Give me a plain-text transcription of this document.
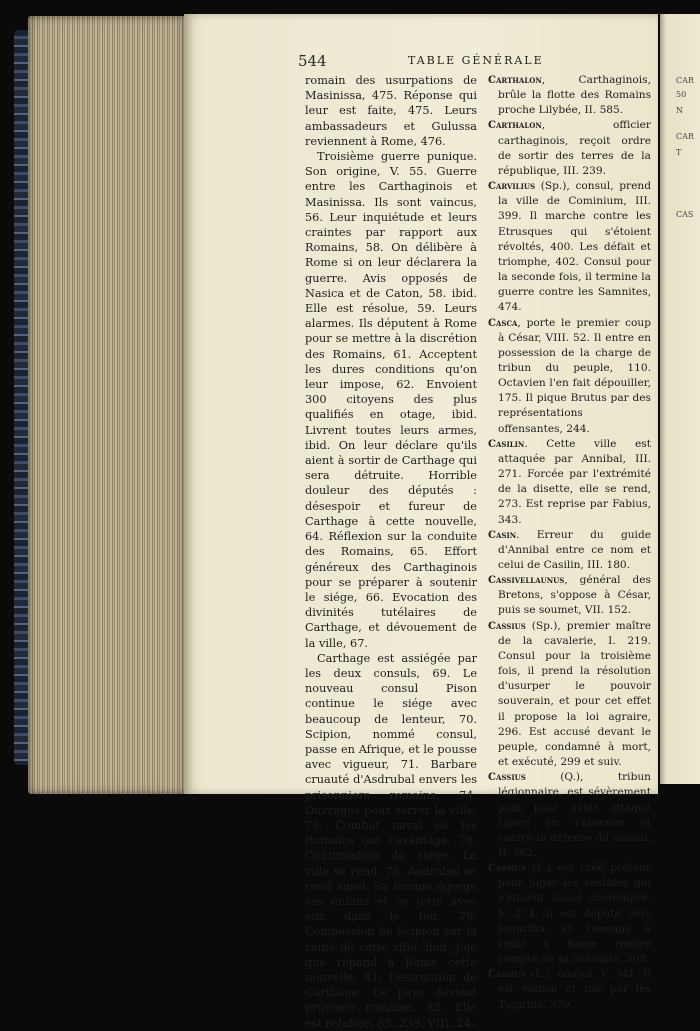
CAR
50
N
CAR
T
CAS
544	TABLE GÉNÉRALE

romain des usurpations de Masinissa, 475. Réponse qui leur est faite, 475. Leurs ambassadeurs et Gulussa reviennent à Rome, 476.

Troisième guerre punique. Son origine, V. 55. Guerre entre les Carthaginois et Masinissa. Ils sont vaincus, 56. Leur inquiétude et leurs craintes par rapport aux Romains, 58. On délibère à Rome si on leur déclarera la guerre. Avis opposés de Nasica et de Caton, 58. ibid. Elle est résolue, 59. Leurs alarmes. Ils députent à Rome pour se mettre à la discrétion des Romains, 61. Acceptent les dures conditions qu'on leur impose, 62. Envoient 300 citoyens des plus qualifiés en otage, ibid. Livrent toutes leurs armes, ibid. On leur déclare qu'ils aient à sortir de Carthage qui sera détruite. Horrible douleur des députés : désespoir et fureur de Carthage à cette nouvelle, 64. Réflexion sur la conduite des Romains, 65. Effort généreux des Carthaginois pour se préparer à soutenir le siége, 66. Evocation des divinités tutélaires de Carthage, et dévouement de la ville, 67.

Carthage est assiégée par les deux consuls, 69. Le nouveau consul Pison continue le siége avec beaucoup de lenteur, 70. Scipion, nommé consul, passe en Afrique, et le pousse avec vigueur, 71. Barbare cruauté d'Asdrubal envers les prisonniers romains, 74. Ouvrages pour serrer la ville, 75. Combat naval où les Romains ont l'avantage, 76. Continuation du siége. La ville se rend, 78. Asdrubal se rend aussi. Sa femme égorge ses enfans et se jette avec eux dans le feu, 79. Compassion de Scipion sur la ruine de cette ville, ibid. Joie que répand à Rome cette nouvelle, 81. Destruction de Carthage. Le pays devient province romaine, 82. Elle est retablie, 83. 239. VIII. 24.

Carthalon, Carthaginois, brûle la flotte des Romains proche Lilybée, II. 585.

Carthalon, officier carthaginois, reçoit ordre de sortir des terres de la république, III. 239.

Carvilius (Sp.), consul, prend la ville de Cominium, III. 399. Il marche contre les Etrusques qui s'étoient révoltés, 400. Les défait et triomphe, 402. Consul pour la seconde fois, il termine la guerre contre les Samnites, 474.

Casca, porte le premier coup à César, VIII. 52. Il entre en possession de la charge de tribun du peuple, 110. Octavien l'en fait dépouiller, 175. Il pique Brutus par des représentations offensantes, 244.

Casilin. Cette ville est attaquée par Annibal, III. 271. Forcée par l'extrémité de la disette, elle se rend, 273. Est reprise par Fabius, 343.

Casin. Erreur du guide d'Annibal entre ce nom et celui de Casilin, III. 180.

Cassivellaunus, général des Bretons, s'oppose à César, puis se soumet, VII. 152.

Cassius (Sp.), premier maître de la cavalerie, I. 219. Consul pour la troisième fois, il prend la résolution d'usurper le pouvoir souverain, et pour cet effet il propose la loi agraire, 296. Est accusé devant le peuple, condamné à mort, et exécuté, 299 et suiv.

Cassius (Q.), tribun légionnaire, est sévèrement puni pour avoir attaqué Lipari en l'absence et contre la défense du consul, II. 562.

Cassius (L.) est créé préteur pour juger les vestales qui s'étoient laissé corrompre, V. 274. Il est député vers Jugurtha, et l'engage à venir à Rome rendre compte de sa conduite, 308.

Cassius (L.), consul, V. 341. Il est vaincu et tué par les Tigurins, 379.
